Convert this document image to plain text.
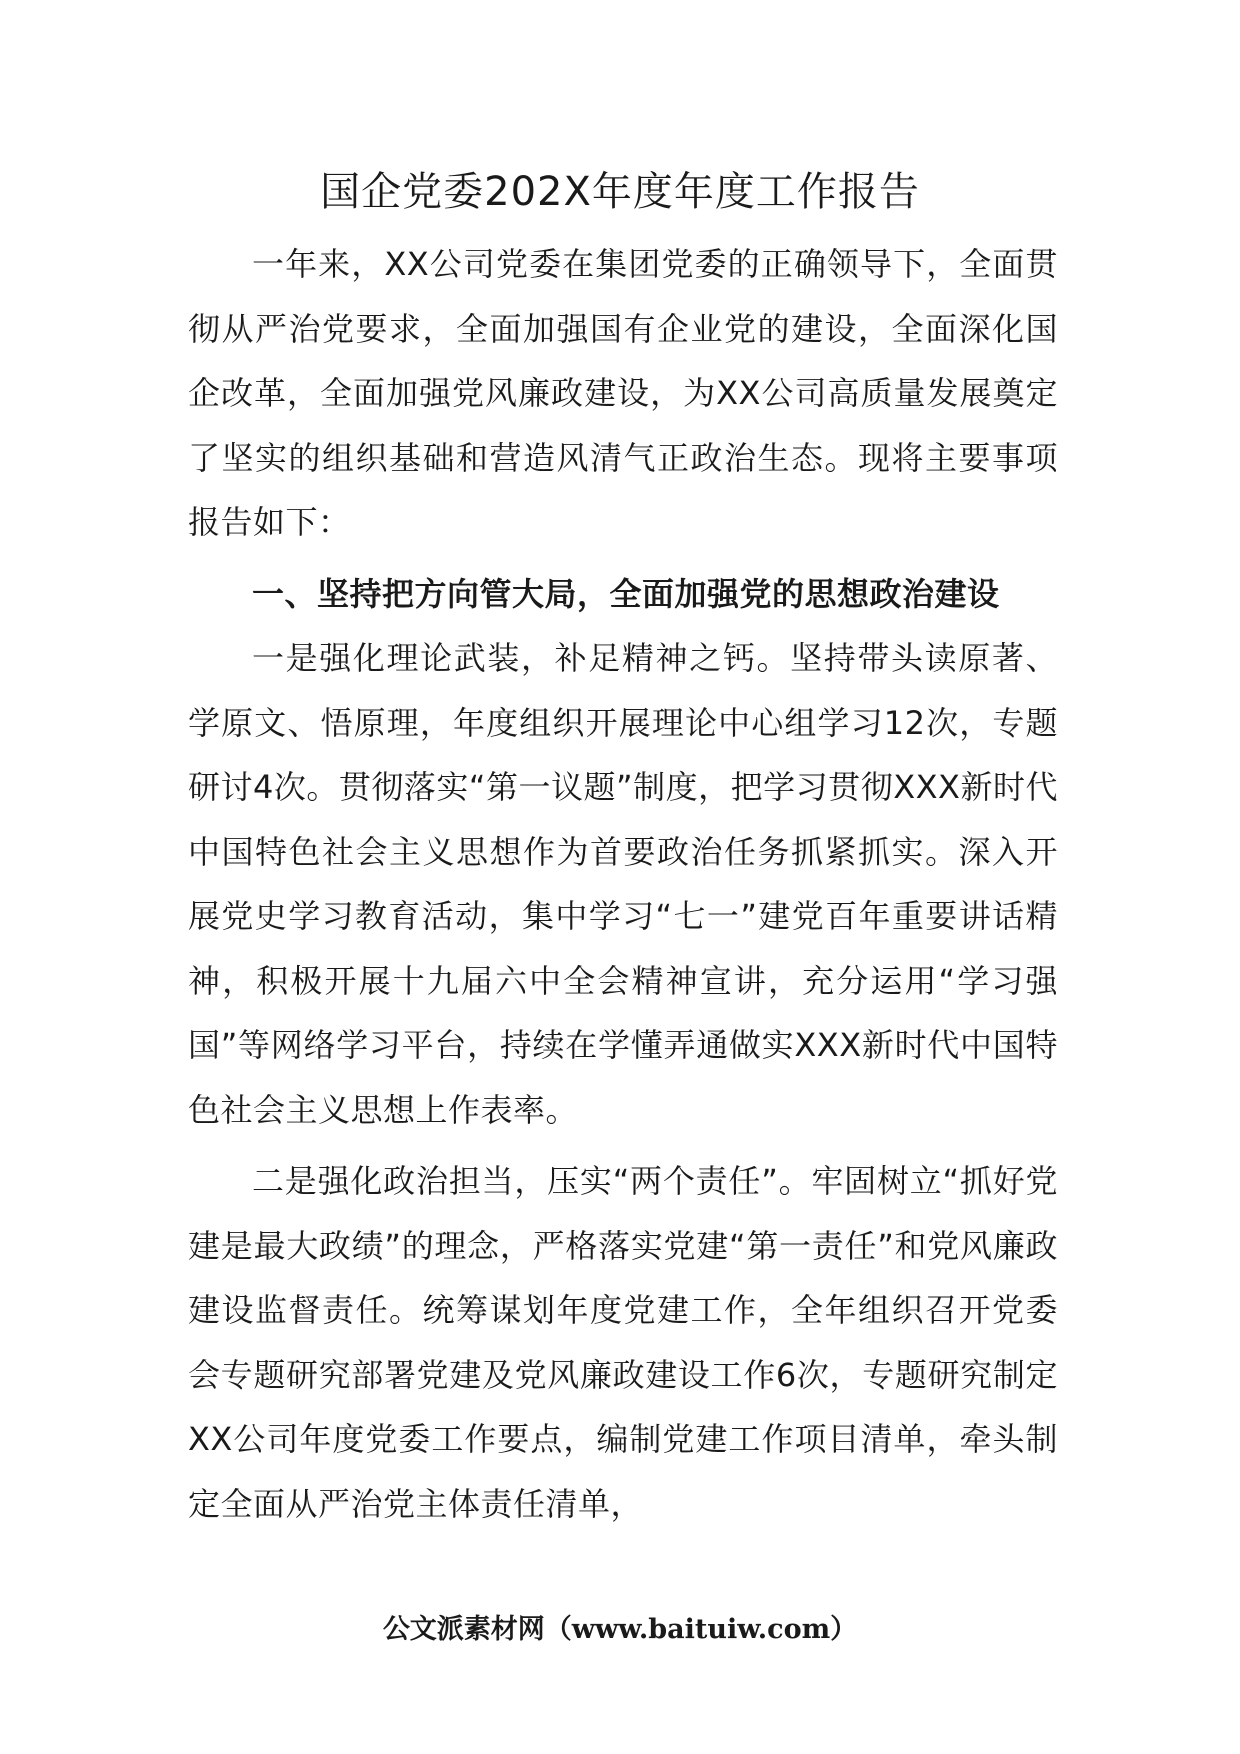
国企党委202X年度年度工作报告

一年来，XX公司党委在集团党委的正确领导下，全面贯彻从严治党要求，全面加强国有企业党的建设，全面深化国企改革，全面加强党风廉政建设，为XX公司高质量发展奠定了坚实的组织基础和营造风清气正政治生态。现将主要事项报告如下：

一、坚持把方向管大局，全面加强党的思想政治建设

一是强化理论武装，补足精神之钙。坚持带头读原著、学原文、悟原理，年度组织开展理论中心组学习12次，专题研讨4次。贯彻落实“第一议题”制度，把学习贯彻XXX新时代中国特色社会主义思想作为首要政治任务抓紧抓实。深入开展党史学习教育活动，集中学习“七一”建党百年重要讲话精神，积极开展十九届六中全会精神宣讲，充分运用“学习强国”等网络学习平台，持续在学懂弄通做实XXX新时代中国特色社会主义思想上作表率。

二是强化政治担当，压实“两个责任”。牢固树立“抓好党建是最大政绩”的理念，严格落实党建“第一责任”和党风廉政建设监督责任。统筹谋划年度党建工作，全年组织召开党委会专题研究部署党建及党风廉政建设工作6次，专题研究制定XX公司年度党委工作要点，编制党建工作项目清单，牵头制定全面从严治党主体责任清单，

公文派素材网（www.baituiw.com）
